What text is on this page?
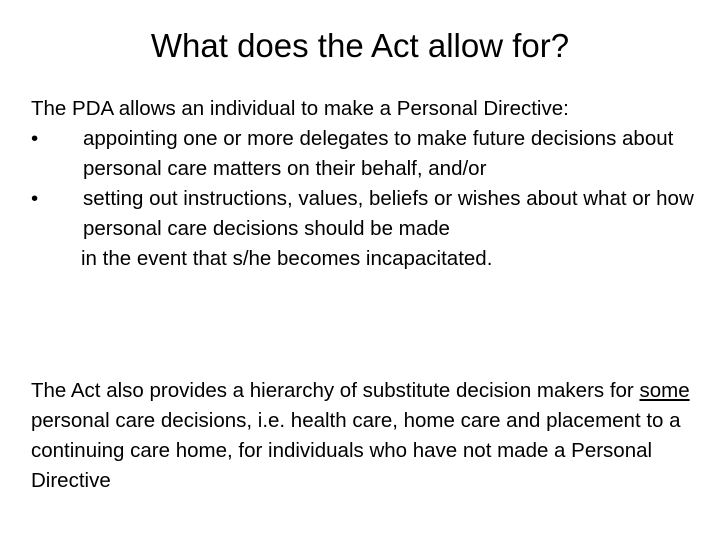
What does the Act allow for?

The PDA allows an individual to make a Personal Directive:

•	appointing one or more delegates to make future decisions about personal care matters on their behalf, and/or
•	setting out instructions, values, beliefs or wishes about what or how personal care decisions should be made
in the event that s/he becomes incapacitated.

The Act also provides a hierarchy of substitute decision makers for some personal care decisions, i.e. health care, home care and placement to a continuing care home, for individuals who have not made a Personal Directive
